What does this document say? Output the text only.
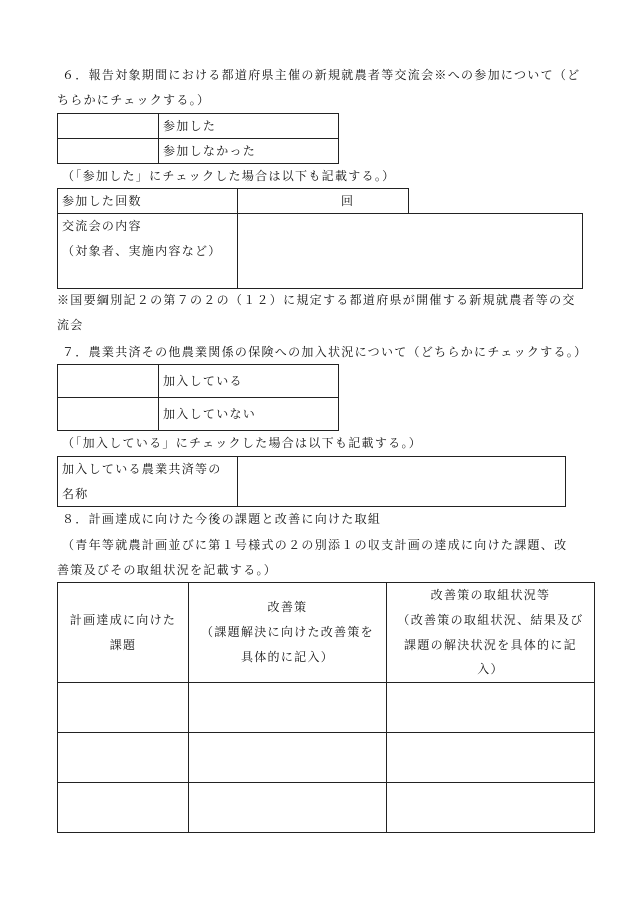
６．報告対象期間における都道府県主催の新規就農者等交流会※への参加について（ど
ちらかにチェックする。）
参加した
参加しなかった
（「参加した」にチェックした場合は以下も記載する。）
参加した回数	回
交流会の内容
（対象者、実施内容など）
※国要綱別記２の第７の２の（１２）に規定する都道府県が開催する新規就農者等の交
流会
７．農業共済その他農業関係の保険への加入状況について（どちらかにチェックする。）
加入している
加入していない
（「加入している」にチェックした場合は以下も記載する。）
加入している農業共済等の
名称
８．計画達成に向けた今後の課題と改善に向けた取組
（青年等就農計画並びに第１号様式の２の別添１の収支計画の達成に向けた課題、改
善策及びその取組状況を記載する。）
計画達成に向けた
課題
改善策
（課題解決に向けた改善策を
具体的に記入）
改善策の取組状況等
（改善策の取組状況、結果及び
課題の解決状況を具体的に記
入）
